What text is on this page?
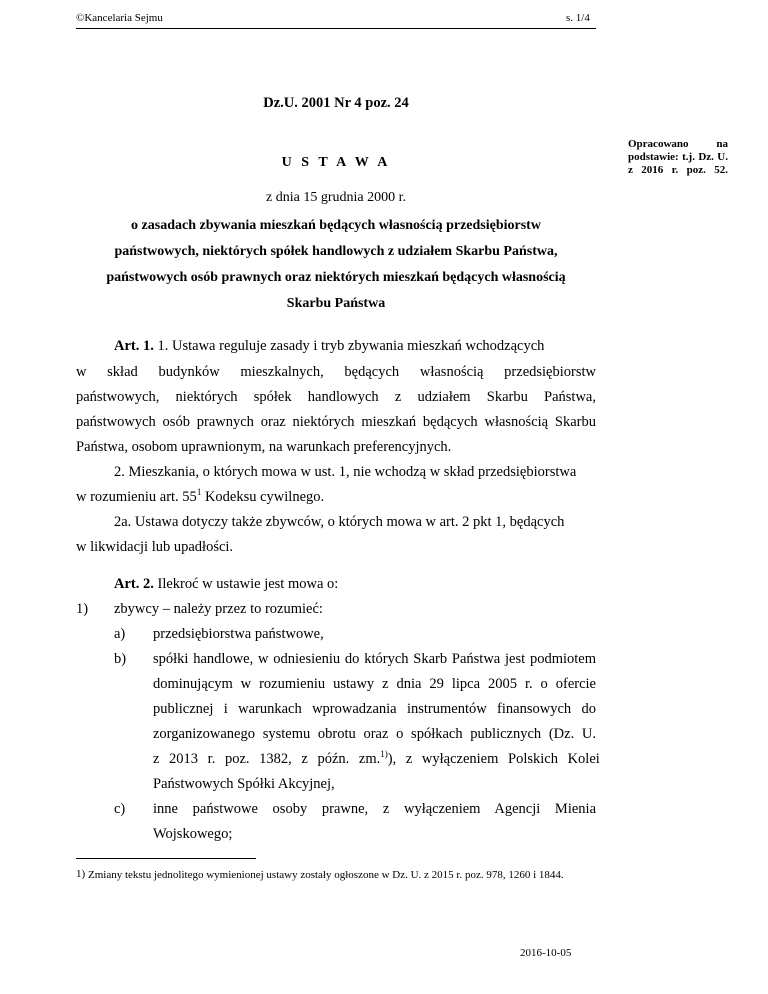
©Kancelaria Sejmu	s. 1/4
Dz.U. 2001 Nr 4 poz. 24
Opracowano na podstawie: t.j. Dz. U. z 2016 r. poz. 52.
U S T A W A
z dnia 15 grudnia 2000 r.
o zasadach zbywania mieszkań będących własnością przedsiębiorstw
państwowych, niektórych spółek handlowych z udziałem Skarbu Państwa,
państwowych osób prawnych oraz niektórych mieszkań będących własnością
Skarbu Państwa
Art. 1. 1. Ustawa reguluje zasady i tryb zbywania mieszkań wchodzących
w skład budynków mieszkalnych, będących własnością przedsiębiorstw
państwowych, niektórych spółek handlowych z udziałem Skarbu Państwa,
państwowych osób prawnych oraz niektórych mieszkań będących własnością Skarbu
Państwa, osobom uprawnionym, na warunkach preferencyjnych.
2. Mieszkania, o których mowa w ust. 1, nie wchodzą w skład przedsiębiorstwa
w rozumieniu art. $55^1$ Kodeksu cywilnego.
2a. Ustawa dotyczy także zbywców, o których mowa w art. 2 pkt 1, będących
w likwidacji lub upadłości.
Art. 2. Ilekroć w ustawie jest mowa o:
1) zbywcy – należy przez to rozumieć:
a) przedsiębiorstwa państwowe,
b) spółki handlowe, w odniesieniu do których Skarb Państwa jest podmiotem
dominującym w rozumieniu ustawy z dnia 29 lipca 2005 r. o ofercie
publicznej i warunkach wprowadzania instrumentów finansowych do
zorganizowanego systemu obrotu oraz o spółkach publicznych (Dz. U.
z 2013 r. poz. 1382, z późn. zm.$^{1)}$), z wyłączeniem Polskich Kolei
Państwowych Spółki Akcyjnej,
c) inne państwowe osoby prawne, z wyłączeniem Agencji Mienia
Wojskowego;
1) Zmiany tekstu jednolitego wymienionej ustawy zostały ogłoszone w Dz. U. z 2015 r. poz. 978, 1260 i 1844.
2016-10-05
